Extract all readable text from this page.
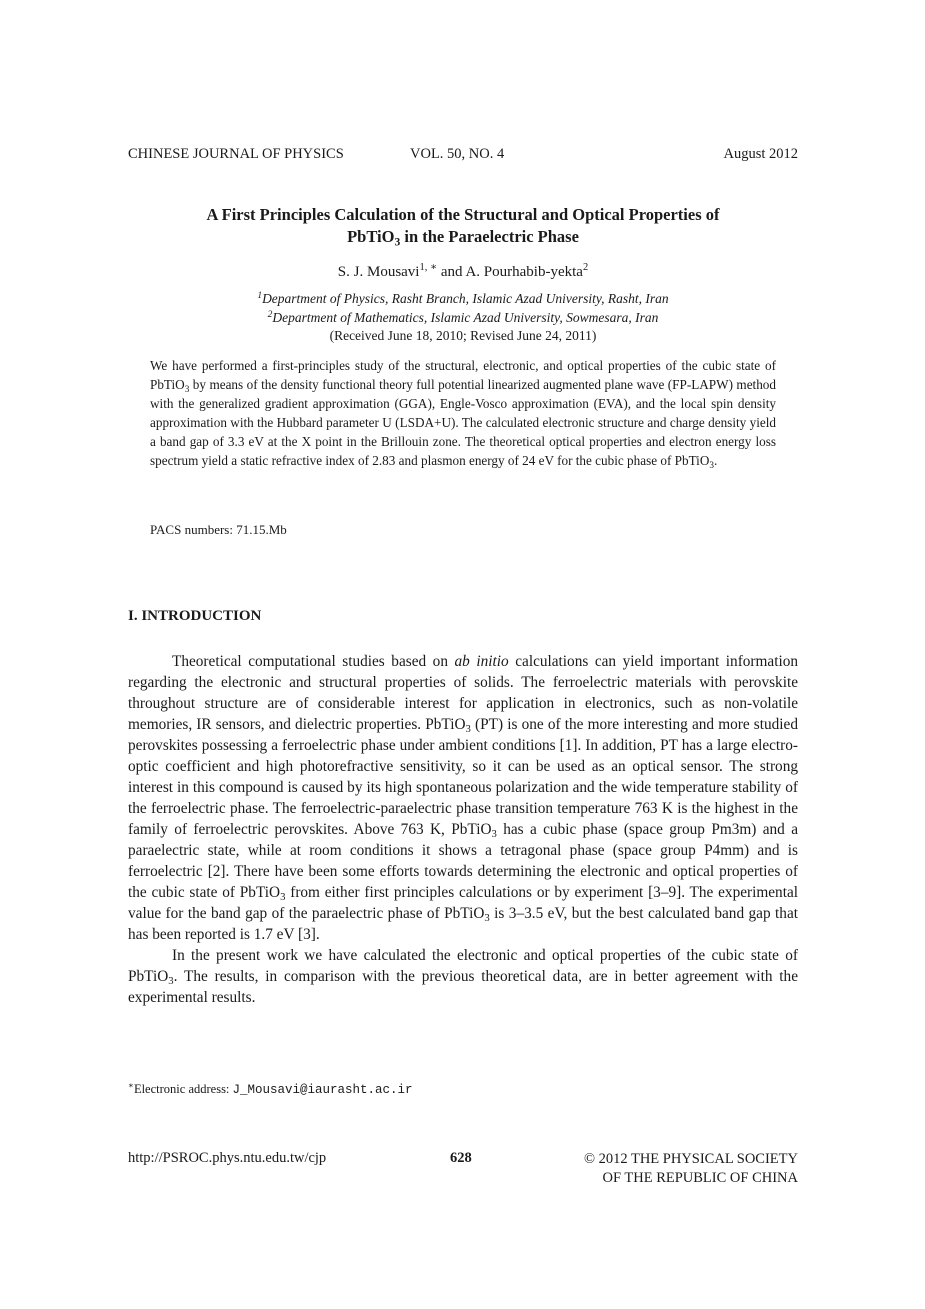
CHINESE JOURNAL OF PHYSICS	VOL. 50, NO. 4	August 2012
A First Principles Calculation of the Structural and Optical Properties of
PbTiO$_3$ in the Paraelectric Phase
S. J. Mousavi$^{1, ∗}$ and A. Pourhabib-yekta$^2$
$^1$Department of Physics, Rasht Branch, Islamic Azad University, Rasht, Iran
$^2$Department of Mathematics, Islamic Azad University, Sowmesara, Iran
(Received June 18, 2010; Revised June 24, 2011)
We have performed a first-principles study of the structural, electronic, and optical properties of the cubic state of PbTiO$_3$ by means of the density functional theory full potential linearized augmented plane wave (FP-LAPW) method with the generalized gradient approximation (GGA), Engle-Vosco approximation (EVA), and the local spin density approximation with the Hubbard parameter U (LSDA+U). The calculated electronic structure and charge density yield a band gap of 3.3 eV at the X point in the Brillouin zone. The theoretical optical properties and electron energy loss spectrum yield a static refractive index of 2.83 and plasmon energy of 24 eV for the cubic phase of PbTiO$_3$.
PACS numbers: 71.15.Mb
I. INTRODUCTION

Theoretical computational studies based on ab initio calculations can yield important information regarding the electronic and structural properties of solids. The ferroelectric materials with perovskite throughout structure are of considerable interest for application in electronics, such as non-volatile memories, IR sensors, and dielectric properties. PbTiO$_3$ (PT) is one of the more interesting and more studied perovskites possessing a ferroelectric phase under ambient conditions [1]. In addition, PT has a large electro-optic coefficient and high photorefractive sensitivity, so it can be used as an optical sensor. The strong interest in this compound is caused by its high spontaneous polarization and the wide temperature stability of the ferroelectric phase. The ferroelectric-paraelectric phase transition temperature 763 K is the highest in the family of ferroelectric perovskites. Above 763 K, PbTiO$_3$ has a cubic phase (space group Pm3m) and a paraelectric state, while at room conditions it shows a tetragonal phase (space group P4mm) and is ferroelectric [2]. There have been some efforts towards determining the electronic and optical properties of the cubic state of PbTiO$_3$ from either first principles calculations or by experiment [3–9]. The experimental value for the band gap of the paraelectric phase of PbTiO$_3$ is 3–3.5 eV, but the best calculated band gap that has been reported is 1.7 eV [3].

In the present work we have calculated the electronic and optical properties of the cubic state of PbTiO$_3$. The results, in comparison with the previous theoretical data, are in better agreement with the experimental results.

∗Electronic address: J_Mousavi@iaurasht.ac.ir
http://PSROC.phys.ntu.edu.tw/cjp	628	© 2012 THE PHYSICAL SOCIETY
OF THE REPUBLIC OF CHINA
